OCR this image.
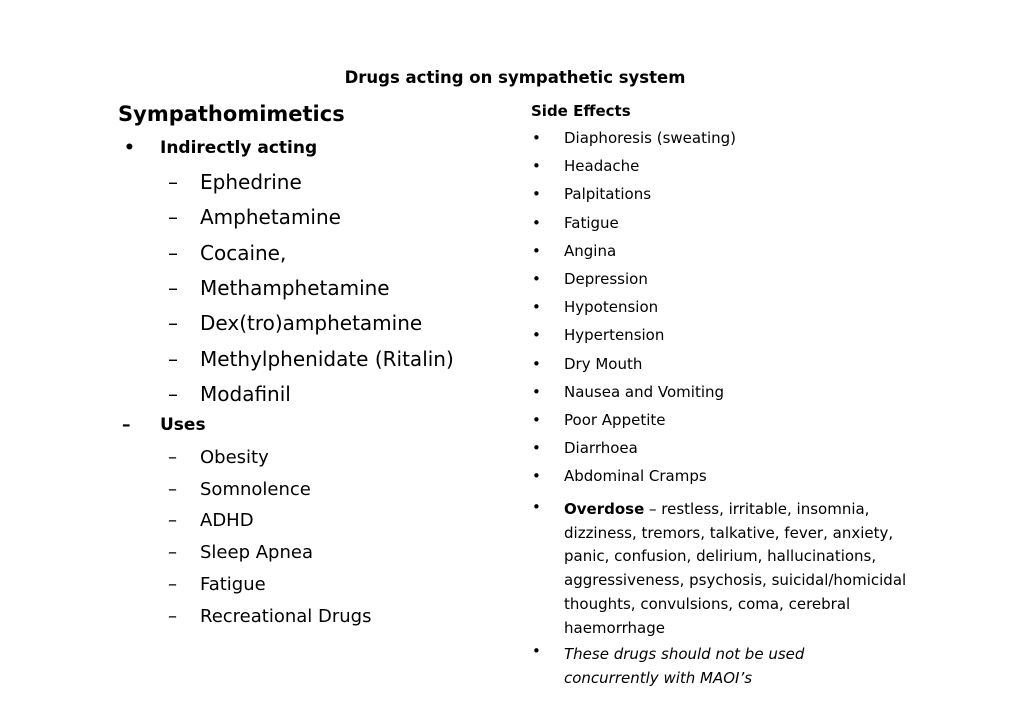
Drugs acting on sympathetic system
Sympathomimetics
• Indirectly acting
– Ephedrine
– Amphetamine
– Cocaine,
– Methamphetamine
– Dex(tro)amphetamine
– Methylphenidate (Ritalin)
– Modafinil
– Uses
– Obesity
– Somnolence
– ADHD
– Sleep Apnea
– Fatigue
– Recreational Drugs
Side Effects
• Diaphoresis (sweating)
• Headache
• Palpitations
• Fatigue
• Angina
• Depression
• Hypotension
• Hypertension
• Dry Mouth
• Nausea and Vomiting
• Poor Appetite
• Diarrhoea
• Abdominal Cramps
• Overdose – restless, irritable, insomnia, dizziness, tremors, talkative, fever, anxiety, panic, confusion, delirium, hallucinations, aggressiveness, psychosis, suicidal/homicidal thoughts, convulsions, coma, cerebral haemorrhage
• These drugs should not be used concurrently with MAOI’s
